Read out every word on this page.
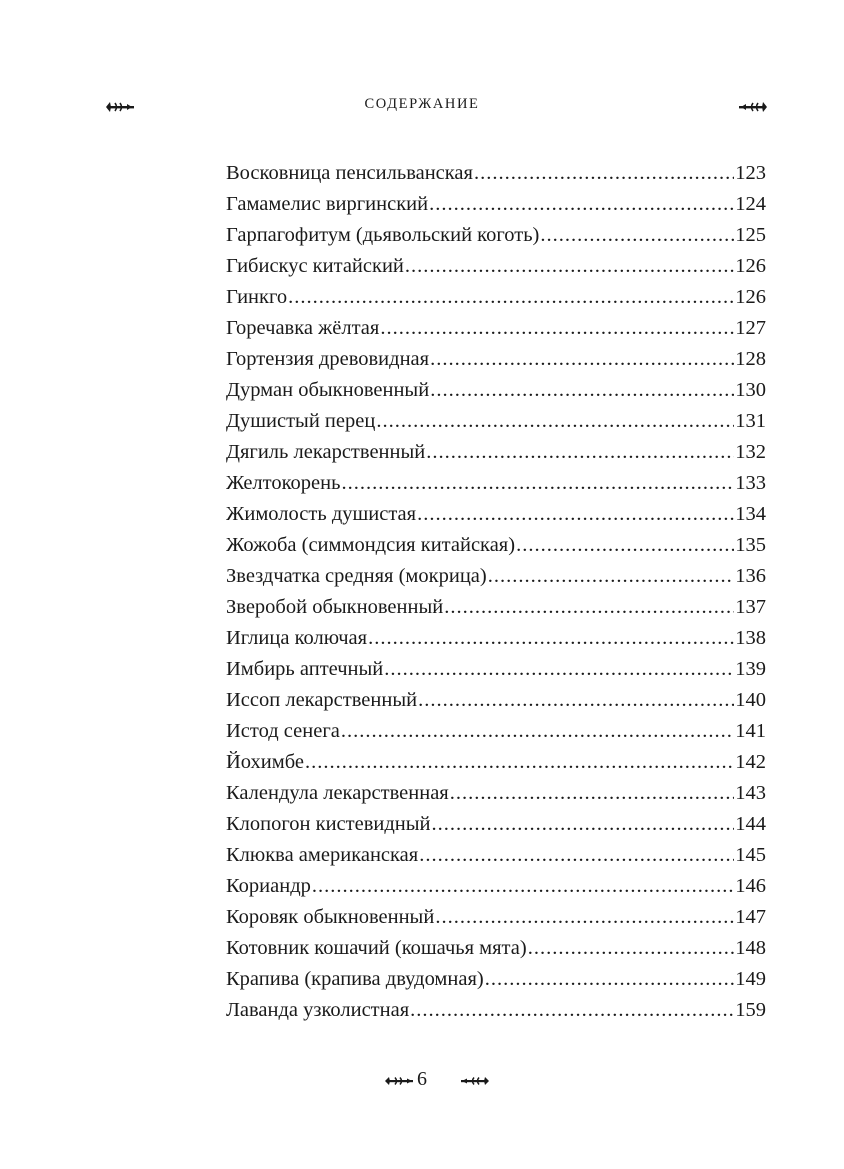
СОДЕРЖАНИЕ
Восковница пенсильванская .....	123
Гамамелис виргинский .....	124
Гарпагофитум (дьявольский коготь) .....	125
Гибискус китайский .....	126
Гинкго .....	126
Горечавка жёлтая .....	127
Гортензия древовидная .....	128
Дурман обыкновенный .....	130
Душистый перец .....	131
Дягиль лекарственный .....	132
Желтокорень .....	133
Жимолость душистая .....	134
Жожоба (симмондсия китайская) .....	135
Звездчатка средняя (мокрица) .....	136
Зверобой обыкновенный .....	137
Иглица колючая .....	138
Имбирь аптечный .....	139
Иссоп лекарственный .....	140
Истод сенега .....	141
Йохимбе .....	142
Календула лекарственная .....	143
Клопогон кистевидный .....	144
Клюква американская .....	145
Кориандр .....	146
Коровяк обыкновенный .....	147
Котовник кошачий (кошачья мята) .....	148
Крапива (крапива двудомная) .....	149
Лаванда узколистная .....	159
6
